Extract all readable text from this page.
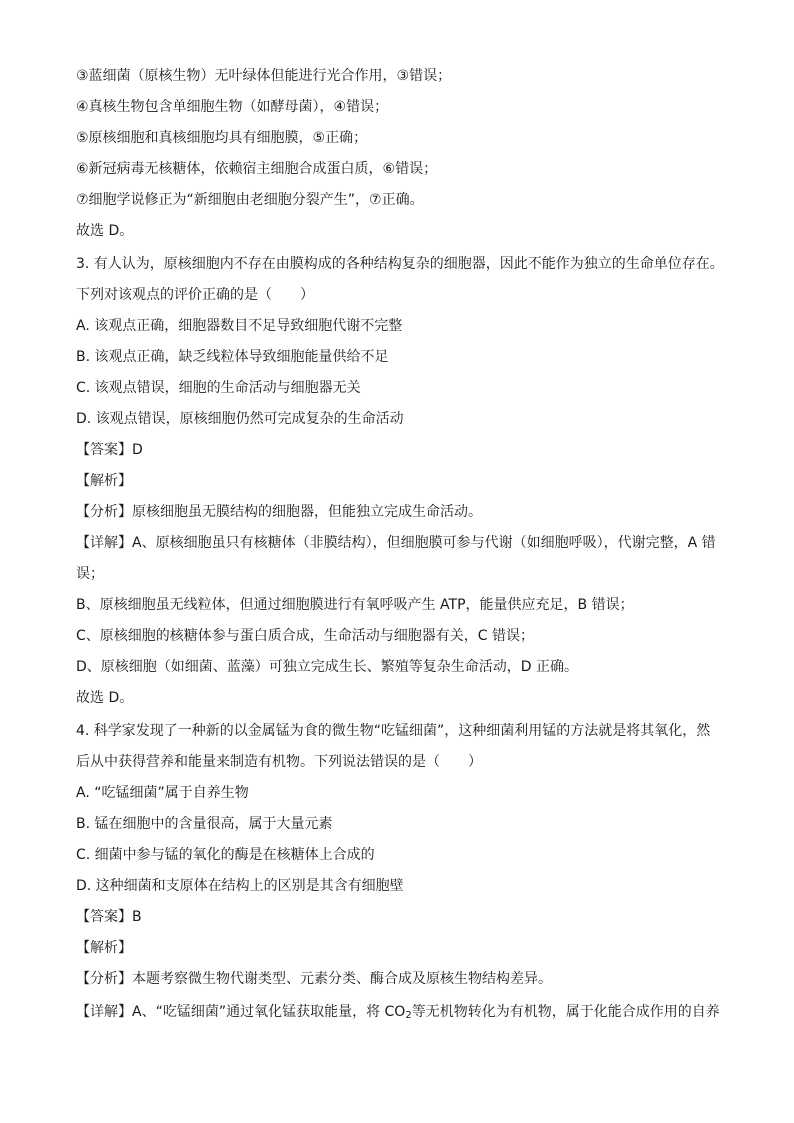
③蓝细菌（原核生物）无叶绿体但能进行光合作用，③错误；
④真核生物包含单细胞生物（如酵母菌），④错误；
⑤原核细胞和真核细胞均具有细胞膜，⑤正确；
⑥新冠病毒无核糖体，依赖宿主细胞合成蛋白质，⑥错误；
⑦细胞学说修正为“新细胞由老细胞分裂产生”，⑦正确。
故选 D。
3. 有人认为，原核细胞内不存在由膜构成的各种结构复杂的细胞器，因此不能作为独立的生命单位存在。
下列对该观点的评价正确的是（　　）
A. 该观点正确，细胞器数目不足导致细胞代谢不完整
B. 该观点正确，缺乏线粒体导致细胞能量供给不足
C. 该观点错误，细胞的生命活动与细胞器无关
D. 该观点错误，原核细胞仍然可完成复杂的生命活动
【答案】D
【解析】
【分析】原核细胞虽无膜结构的细胞器，但能独立完成生命活动。
【详解】A、原核细胞虽只有核糖体（非膜结构），但细胞膜可参与代谢（如细胞呼吸），代谢完整，A 错
误；
B、原核细胞虽无线粒体，但通过细胞膜进行有氧呼吸产生 ATP，能量供应充足，B 错误；
C、原核细胞的核糖体参与蛋白质合成，生命活动与细胞器有关，C 错误；
D、原核细胞（如细菌、蓝藻）可独立完成生长、繁殖等复杂生命活动，D 正确。
故选 D。
4. 科学家发现了一种新的以金属锰为食的微生物“吃锰细菌”，这种细菌利用锰的方法就是将其氧化，然
后从中获得营养和能量来制造有机物。下列说法错误的是（　　）
A. “吃锰细菌”属于自养生物
B. 锰在细胞中的含量很高，属于大量元素
C. 细菌中参与锰的氧化的酶是在核糖体上合成的
D. 这种细菌和支原体在结构上的区别是其含有细胞壁
【答案】B
【解析】
【分析】本题考察微生物代谢类型、元素分类、酶合成及原核生物结构差异。
【详解】A、“吃锰细菌”通过氧化锰获取能量，将 $CO_2$等无机物转化为有机物，属于化能合成作用的自养
